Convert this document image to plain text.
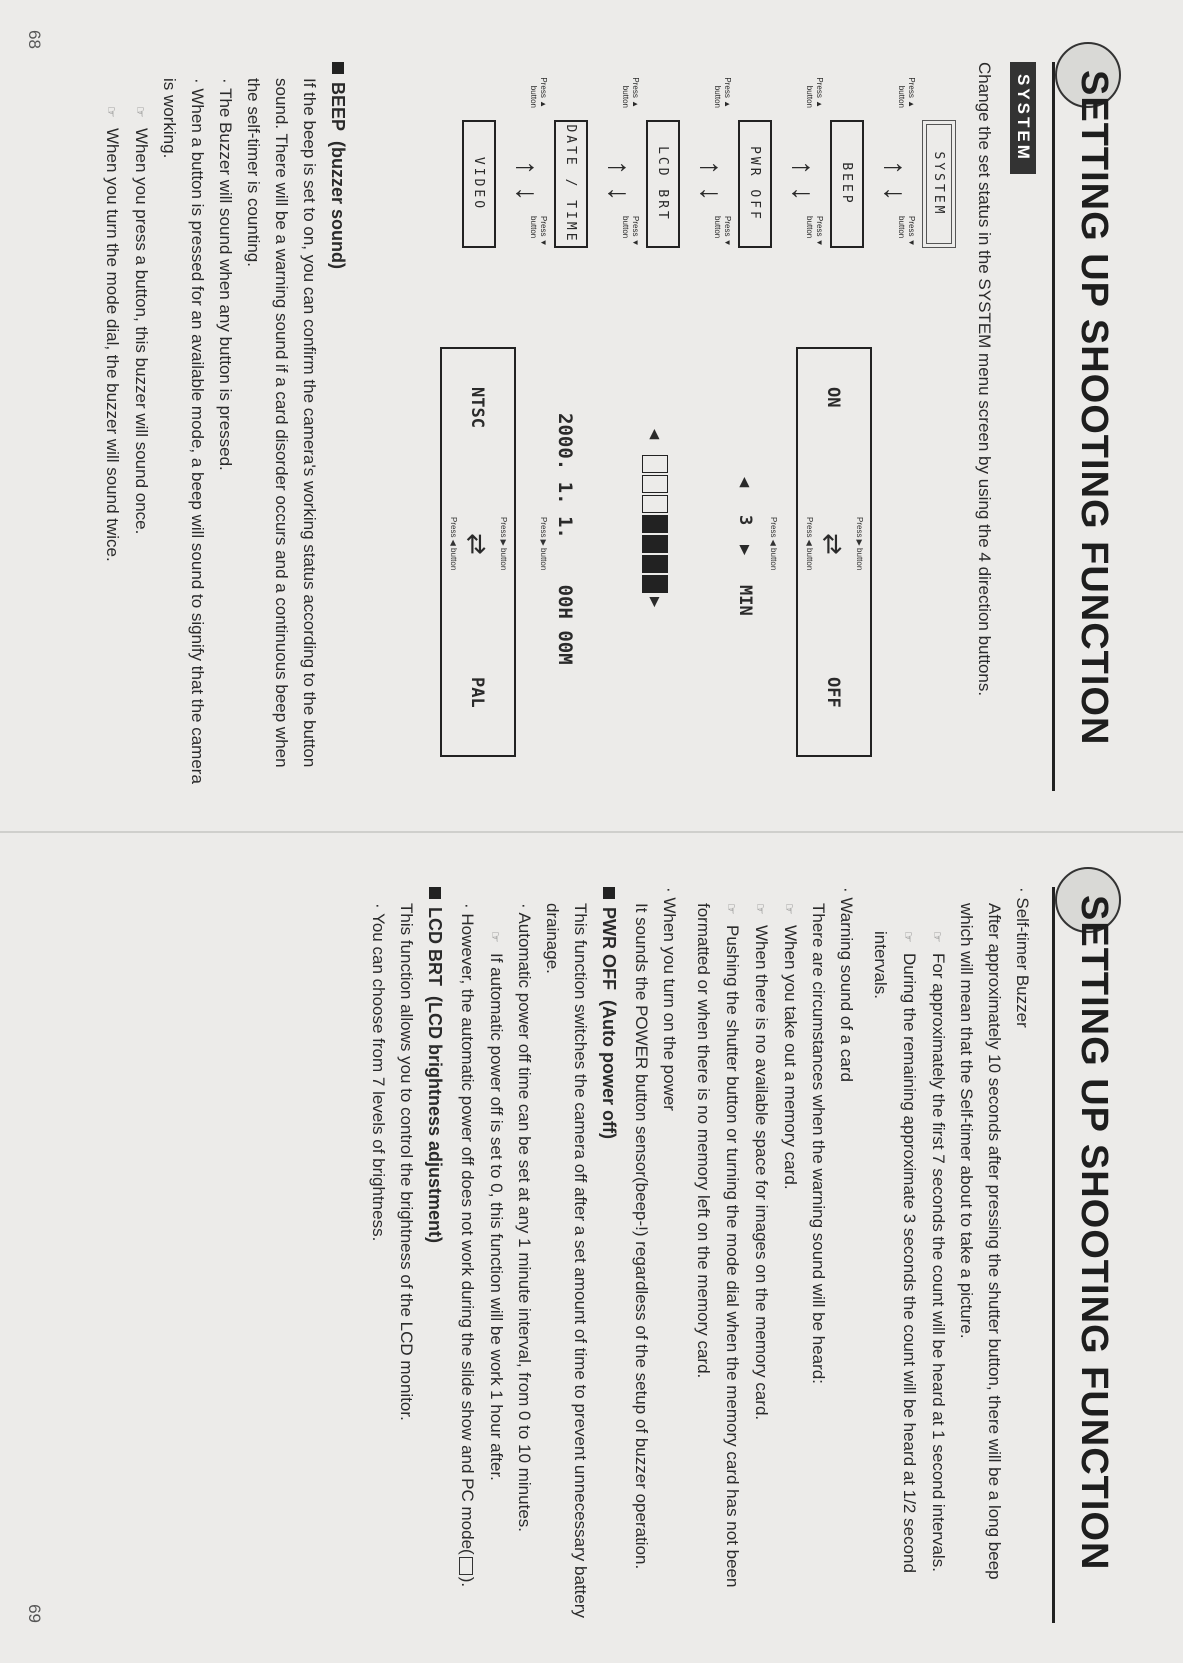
SETTING UP SHOOTING FUNCTION
SYSTEM

Change the set status in the SYSTEM menu screen by using the 4 direction buttons.

SYSTEM
Press ▲ button
↑
↓
Press ▼ button
BEEP
Press ▲ button
↑
↓
Press ▼ button
PWR OFF
Press ▲ button
↑
↓
Press ▼ button
LCD BRT
Press ▲ button
↑
↓
Press ▼ button
DATE / TIME
Press ▲ button
↑
↓
Press ▼ button
VIDEO
ON
Press ▶ button
⇄
Press ◀ button
OFF
Press ◀ button
◀
3
▶
MIN
◀
▶
2000. 1. 1.    00H 00M
Press ▶ button
NTSC
Press ▶ button
⇄
Press ◀ button
PAL
BEEP  (buzzer sound)

If the beep is set to on, you can confirm the camera's working status according to the button sound. There will be a warning sound if a card disorder occurs and a continuous beep when the self-timer is counting.

· The Buzzer will sound when any button is pressed.

· When a button is pressed for an available mode, a beep will sound to signify that the camera is working.

☞When you press a button, this buzzer will sound once.

☞When you turn the mode dial, the buzzer will sound twice.

68
SETTING UP SHOOTING FUNCTION

· Self-timer Buzzer

After approximately 10 seconds after pressing the shutter button, there will be a long beep which will mean that the Self-timer about to take a picture.

☞For approximately the first 7 seconds the count will be heard at 1 second intervals.

☞During the remaining approximate 3 seconds the count will be heard at 1/2 second intervals.

· Warning sound of a card

There are circumstances when the warning sound will be heard:

☞When you take out a memory card.

☞When there is no available space for images on the memory card.

☞Pushing the shutter button or turning the mode dial when the memory card has not been formatted or when there is no memory left on the memory card.

· When you turn on the power

It sounds the POWER button sensor(beep-!) regardless of the setup of buzzer operation.

PWR OFF  (Auto power off)

This function switches the camera off after a set amount of time to prevent unnecessary battery drainage.

· Automatic power off time can be set at any 1 minute interval, from 0 to 10 minutes.

☞If automatic power off is set to 0, this function will be work 1 hour after.

· However, the automatic power off does not work during the slide show and PC mode().

LCD BRT  (LCD brightness adjustment)

This function allows you to control the brightness of the LCD monitor.

· You can choose from 7 levels of brightness.

69
